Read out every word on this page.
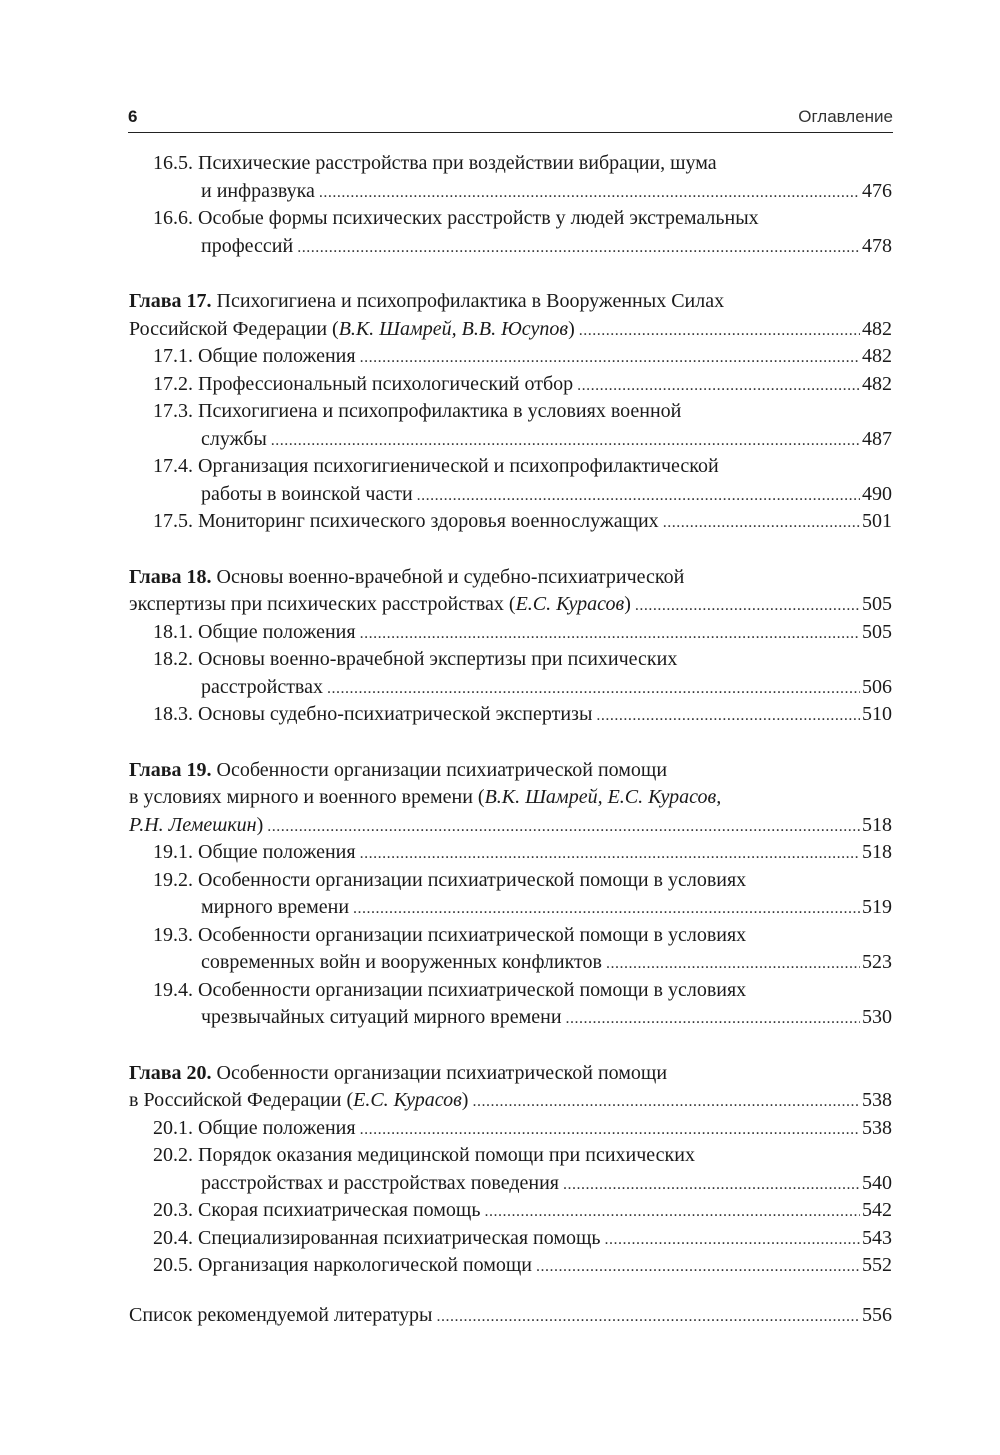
6	Оглавление
16.5. Психические расстройства при воздействии вибрации, шума
и инфразвука .....	476
16.6. Особые формы психических расстройств у людей экстремальных
профессий .....	478
Глава 17. Психогигиена и психопрофилактика в Вооруженных Силах
Российской Федерации (В.К. Шамрей, В.В. Юсупов) .....	482
17.1. Общие положения .....	482
17.2. Профессиональный психологический отбор .....	482
17.3. Психогигиена и психопрофилактика в условиях военной
службы .....	487
17.4. Организация психогигиенической и психопрофилактической
работы в воинской части .....	490
17.5. Мониторинг психического здоровья военнослужащих .....	501
Глава 18. Основы военно-врачебной и судебно-психиатрической
экспертизы при психических расстройствах (Е.С. Курасов) .....	505
18.1. Общие положения .....	505
18.2. Основы военно-врачебной экспертизы при психических
расстройствах .....	506
18.3. Основы судебно-психиатрической экспертизы .....	510
Глава 19. Особенности организации психиатрической помощи
в условиях мирного и военного времени (В.К. Шамрей, Е.С. Курасов,
Р.Н. Лемешкин) .....	518
19.1. Общие положения .....	518
19.2. Особенности организации психиатрической помощи в условиях
мирного времени .....	519
19.3. Особенности организации психиатрической помощи в условиях
современных войн и вооруженных конфликтов .....	523
19.4. Особенности организации психиатрической помощи в условиях
чрезвычайных ситуаций мирного времени .....	530
Глава 20. Особенности организации психиатрической помощи
в Российской Федерации (Е.С. Курасов) .....	538
20.1. Общие положения .....	538
20.2. Порядок оказания медицинской помощи при психических
расстройствах и расстройствах поведения .....	540
20.3. Скорая психиатрическая помощь .....	542
20.4. Специализированная психиатрическая помощь .....	543
20.5. Организация наркологической помощи .....	552
Список рекомендуемой литературы .....	556
